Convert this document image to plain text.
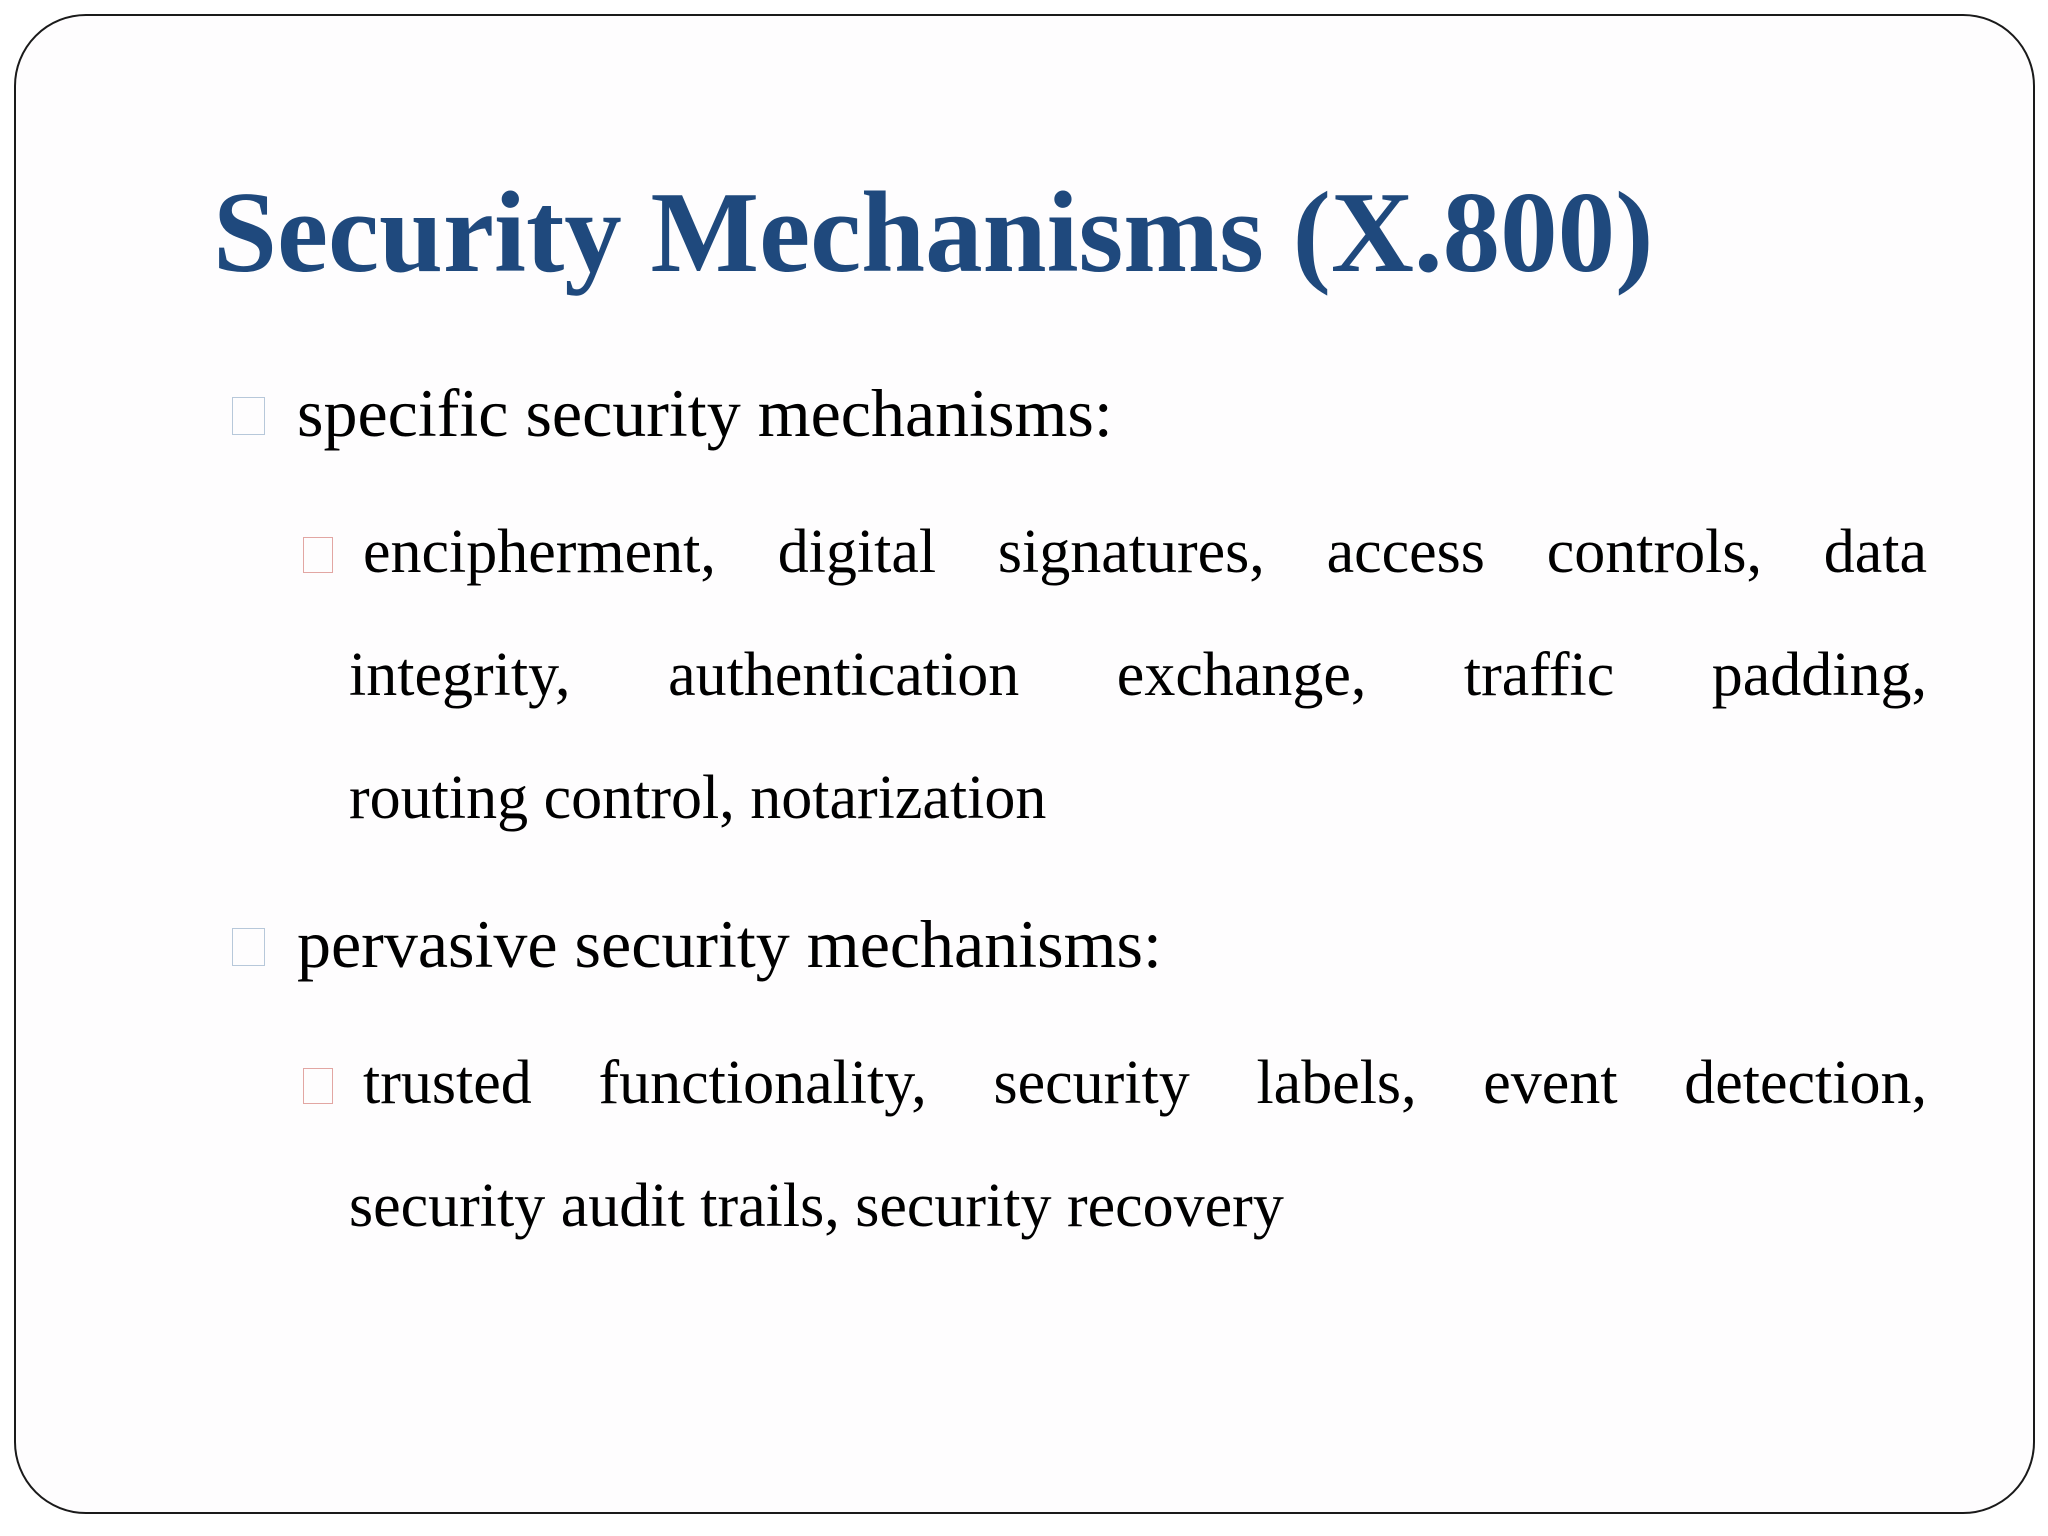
Security Mechanisms (X.800)

specific security mechanisms:

encipherment, digital signatures, access controls, data

integrity, authentication exchange, traffic padding,

routing control, notarization

pervasive security mechanisms:

trusted functionality, security labels, event detection,

security audit trails, security recovery
